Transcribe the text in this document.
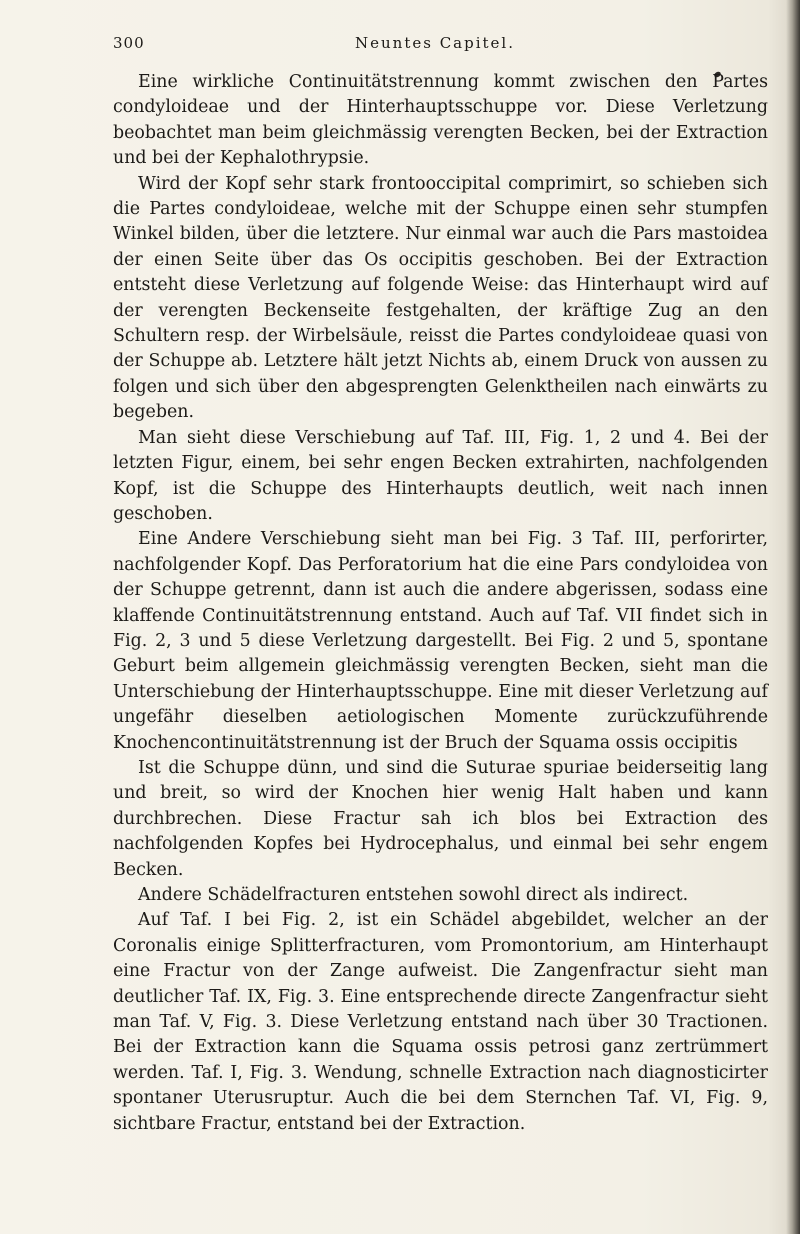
300	Neuntes Capitel.

Eine wirkliche Continuitätstrennung kommt zwischen den Partes condyloideae und der Hinterhauptsschuppe vor. Diese Verletzung beobachtet man beim gleichmässig verengten Becken, bei der Extraction und bei der Kephalothrypsie.

Wird der Kopf sehr stark frontooccipital comprimirt, so schieben sich die Partes condyloideae, welche mit der Schuppe einen sehr stumpfen Winkel bilden, über die letztere. Nur einmal war auch die Pars mastoidea der einen Seite über das Os occipitis geschoben. Bei der Extraction entsteht diese Verletzung auf folgende Weise: das Hinterhaupt wird auf der verengten Beckenseite festgehalten, der kräftige Zug an den Schultern resp. der Wirbelsäule, reisst die Partes condyloideae quasi von der Schuppe ab. Letztere hält jetzt Nichts ab, einem Druck von aussen zu folgen und sich über den abgesprengten Gelenktheilen nach einwärts zu begeben.

Man sieht diese Verschiebung auf Taf. III, Fig. 1, 2 und 4. Bei der letzten Figur, einem, bei sehr engen Becken extrahirten, nachfolgenden Kopf, ist die Schuppe des Hinterhaupts deutlich, weit nach innen geschoben.

Eine Andere Verschiebung sieht man bei Fig. 3 Taf. III, perforirter, nachfolgender Kopf. Das Perforatorium hat die eine Pars condyloidea von der Schuppe getrennt, dann ist auch die andere abgerissen, sodass eine klaffende Continuitätstrennung entstand. Auch auf Taf. VII findet sich in Fig. 2, 3 und 5 diese Verletzung dargestellt. Bei Fig. 2 und 5, spontane Geburt beim allgemein gleichmässig verengten Becken, sieht man die Unterschiebung der Hinterhauptsschuppe. Eine mit dieser Verletzung auf ungefähr dieselben aetiologischen Momente zurückzuführende Knochencontinuitätstrennung ist der Bruch der Squama ossis occipitis

Ist die Schuppe dünn, und sind die Suturae spuriae beiderseitig lang und breit, so wird der Knochen hier wenig Halt haben und kann durchbrechen. Diese Fractur sah ich blos bei Extraction des nachfolgenden Kopfes bei Hydrocephalus, und einmal bei sehr engem Becken.

Andere Schädelfracturen entstehen sowohl direct als indirect.

Auf Taf. I bei Fig. 2, ist ein Schädel abgebildet, welcher an der Coronalis einige Splitterfracturen, vom Promontorium, am Hinterhaupt eine Fractur von der Zange aufweist. Die Zangenfractur sieht man deutlicher Taf. IX, Fig. 3. Eine entsprechende directe Zangenfractur sieht man Taf. V, Fig. 3. Diese Verletzung entstand nach über 30 Tractionen. Bei der Extraction kann die Squama ossis petrosi ganz zertrümmert werden. Taf. I, Fig. 3. Wendung, schnelle Extraction nach diagnosticirter spontaner Uterusruptur. Auch die bei dem Sternchen Taf. VI, Fig. 9, sichtbare Fractur, entstand bei der Extraction.
